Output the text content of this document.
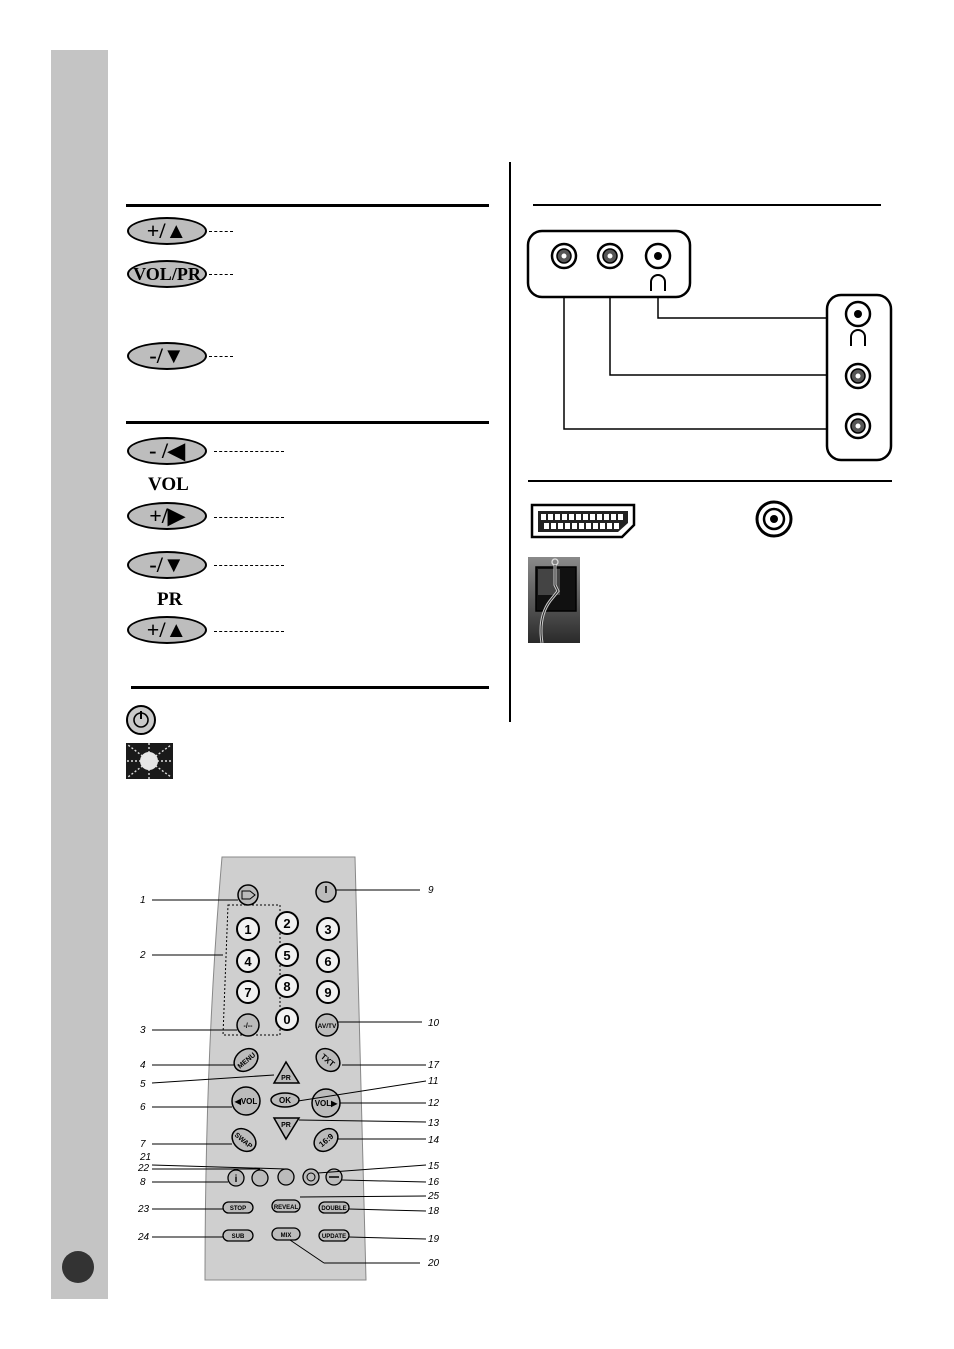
+/▲
VOL/PR
-/▼
- /◀
VOL
+/▶
-/▼
PR
+/▲
1 2	3
4 5	6
7 8	9
0
-/--	AV/TV
MENU	TXT
PR
OK
◀VOL	VOL▶
PR
SWAP	16:9
i
STOP	REVEAL	DOUBLE
SUB	MIX	UPDATE
1
2
3
4
5
6
7
8
9
10
11
12
13
14
15
16
17
18
19
20
21
22
23
24
25
